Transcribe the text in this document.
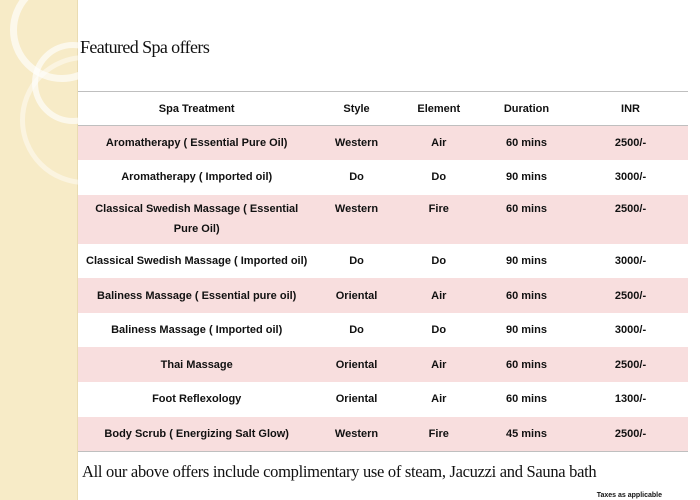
Featured Spa offers
Spa Treatment	Style	Element	Duration	INR
Aromatherapy ( Essential Pure Oil)	Western	Air	60 mins	2500/-
Aromatherapy ( Imported oil)	Do	Do	90 mins	3000/-
Classical Swedish Massage ( Essential Pure Oil)	Western	Fire	60 mins	2500/-
Classical Swedish Massage ( Imported oil)	Do	Do	90 mins	3000/-
Baliness Massage ( Essential pure oil)	Oriental	Air	60 mins	2500/-
Baliness Massage ( Imported oil)	Do	Do	90 mins	3000/-
Thai Massage	Oriental	Air	60 mins	2500/-
Foot Reflexology	Oriental	Air	60 mins	1300/-
Body Scrub ( Energizing Salt Glow)	Western	Fire	45 mins	2500/-

All our above offers include complimentary use of steam, Jacuzzi and Sauna bath

Taxes as applicable
